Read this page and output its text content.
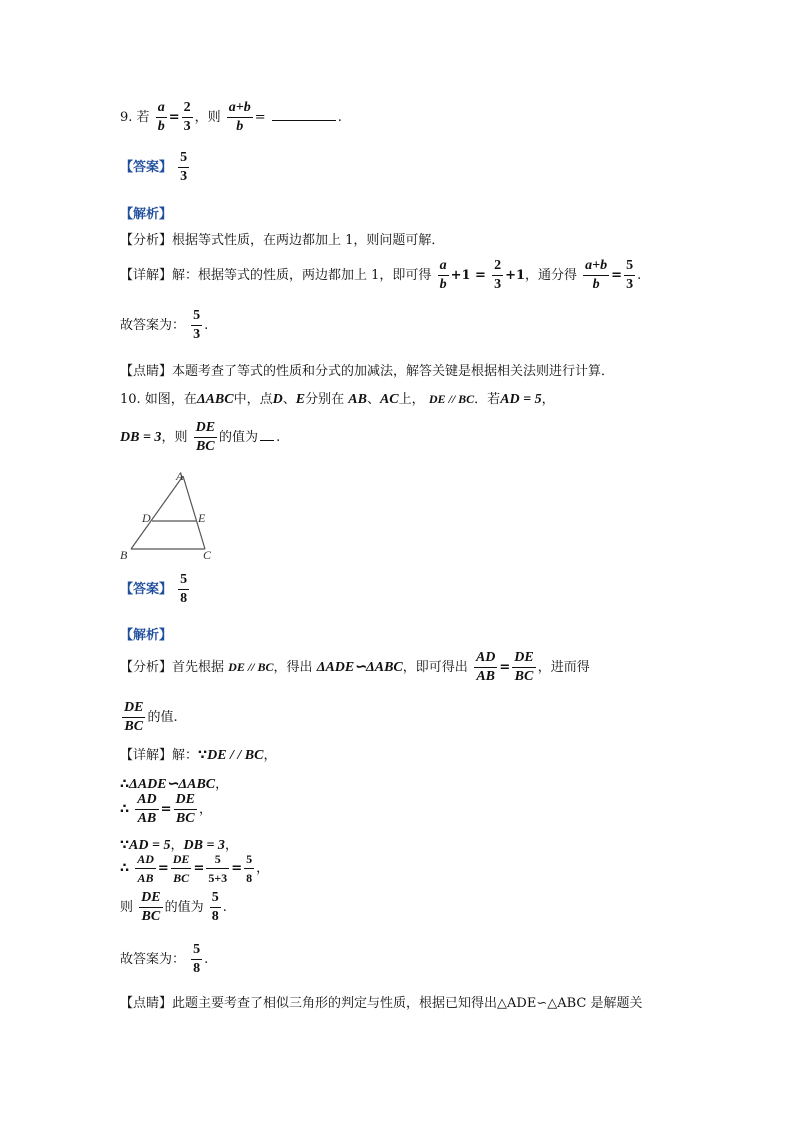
9. 若 $\frac{a}{b} = \frac{2}{3}$ ，则 $\frac{a+b}{b}$ =	.
【答案】 $\frac{5}{3}$
【解析】
【分析】根据等式性质，在两边都加上 1，则问题可解．
【详解】解：根据等式的性质，两边都加上 1，即可得 $\frac{a}{b} +1 = \frac{2}{3} +1$，通分得 $\frac{a+b}{b} = \frac{5}{3}$ .
故答案为： $\frac{5}{3}$ .
【点睛】本题考查了等式的性质和分式的加减法，解答关键是根据相关法则进行计算．
10. 如图，在ΔABC中，点D、E分别在 AB、AC上， DE // BC．若AD = 5，
DB = 3，则 $\frac{DE}{BC}$ 的值为 .
A
B	C
D	E
【答案】 $\frac{5}{8}$
【解析】
【分析】首先根据 DE // BC，得出 ΔADE∽ΔABC，即可得出 $\frac{AD}{AB} = \frac{DE}{BC}$ ，进而得
$\frac{DE}{BC}$ 的值.
【详解】解：∵DE / / BC，
∴ΔADE∽ΔABC，
∴ $\frac{AD}{AB} = \frac{DE}{BC}$ ，
∵AD = 5，DB = 3，
∴ $\frac{AD}{AB} = \frac{DE}{BC} = \frac{5}{5+3} = \frac{5}{8}$ ，
则 $\frac{DE}{BC}$ 的值为 $\frac{5}{8}$ .
故答案为： $\frac{5}{8}$ .
【点睛】此题主要考查了相似三角形的判定与性质，根据已知得出△ADE∽△ABC 是解题关
